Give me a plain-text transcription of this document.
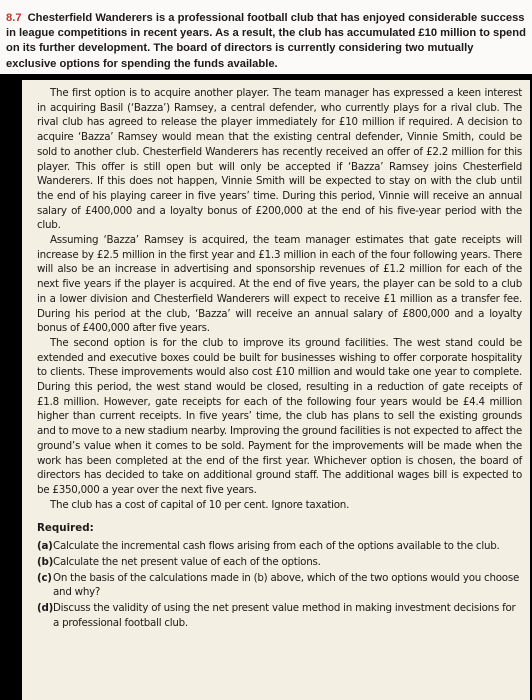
8.7 Chesterfield Wanderers is a professional football club that has enjoyed considerable success in league competitions in recent years. As a result, the club has accumulated £10 million to spend on its further development. The board of directors is currently considering two mutually exclusive options for spending the funds available.

The first option is to acquire another player. The team manager has expressed a keen interest in acquiring Basil (‘Bazza’) Ramsey, a central defender, who currently plays for a rival club. The rival club has agreed to release the player immediately for £10 million if required. A decision to acquire ‘Bazza’ Ramsey would mean that the existing central defender, Vinnie Smith, could be sold to another club. Chesterfield Wanderers has recently received an offer of £2.2 million for this player. This offer is still open but will only be accepted if ‘Bazza’ Ramsey joins Chesterfield Wanderers. If this does not happen, Vinnie Smith will be expected to stay on with the club until the end of his playing career in five years’ time. During this period, Vinnie will receive an annual salary of £400,000 and a loyalty bonus of £200,000 at the end of his five-year period with the club.

Assuming ‘Bazza’ Ramsey is acquired, the team manager estimates that gate receipts will increase by £2.5 million in the first year and £1.3 million in each of the four following years. There will also be an increase in advertising and sponsorship revenues of £1.2 million for each of the next five years if the player is acquired. At the end of five years, the player can be sold to a club in a lower division and Chesterfield Wanderers will expect to receive £1 million as a transfer fee. During his period at the club, ‘Bazza’ will receive an annual salary of £800,000 and a loyalty bonus of £400,000 after five years.

The second option is for the club to improve its ground facilities. The west stand could be extended and executive boxes could be built for businesses wishing to offer corporate hospitality to clients. These improvements would also cost £10 million and would take one year to complete. During this period, the west stand would be closed, resulting in a reduction of gate receipts of £1.8 million. However, gate receipts for each of the following four years would be £4.4 million higher than current receipts. In five years’ time, the club has plans to sell the existing grounds and to move to a new stadium nearby. Improving the ground facilities is not expected to affect the ground’s value when it comes to be sold. Payment for the improvements will be made when the work has been completed at the end of the first year. Whichever option is chosen, the board of directors has decided to take on additional ground staff. The additional wages bill is expected to be £350,000 a year over the next five years.

The club has a cost of capital of 10 per cent. Ignore taxation.

Required:

(a) Calculate the incremental cash flows arising from each of the options available to the club.
(b) Calculate the net present value of each of the options.
(c) On the basis of the calculations made in (b) above, which of the two options would you choose and why?
(d) Discuss the validity of using the net present value method in making investment decisions for a professional football club.
